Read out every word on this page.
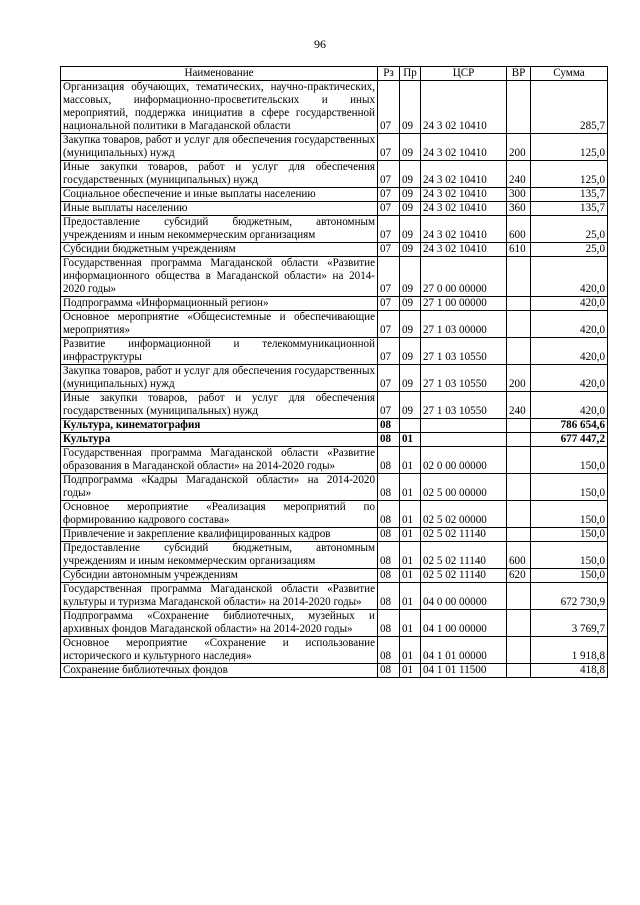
96
Наименование	Рз	Пр	ЦСР	ВР	Сумма
Организация обучающих, тематических, научно-практических, массовых, информационно-просветительских и иных мероприятий, поддержка инициатив в сфере государственной национальной политики в Магаданской области	07	09	24 3 02 10410		285,7
Закупка товаров, работ и услуг для обеспечения государственных (муниципальных) нужд	07	09	24 3 02 10410	200	125,0
Иные закупки товаров, работ и услуг для обеспечения государственных (муниципальных) нужд	07	09	24 3 02 10410	240	125,0
Социальное обеспечение и иные выплаты населению	07	09	24 3 02 10410	300	135,7
Иные выплаты населению	07	09	24 3 02 10410	360	135,7
Предоставление субсидий бюджетным, автономным учреждениям и иным некоммерческим организациям	07	09	24 3 02 10410	600	25,0
Субсидии бюджетным учреждениям	07	09	24 3 02 10410	610	25,0
Государственная программа Магаданской области «Развитие информационного общества в Магаданской области» на 2014-2020 годы»	07	09	27 0 00 00000		420,0
Подпрограмма «Информационный регион»	07	09	27 1 00 00000		420,0
Основное мероприятие «Общесистемные и обеспечивающие мероприятия»	07	09	27 1 03 00000		420,0
Развитие информационной и телекоммуникационной инфраструктуры	07	09	27 1 03 10550		420,0
Закупка товаров, работ и услуг для обеспечения государственных (муниципальных) нужд	07	09	27 1 03 10550	200	420,0
Иные закупки товаров, работ и услуг для обеспечения государственных (муниципальных) нужд	07	09	27 1 03 10550	240	420,0
Культура, кинематография	08				786 654,6
Культура	08	01			677 447,2
Государственная программа Магаданской области «Развитие образования в Магаданской области» на 2014-2020 годы»	08	01	02 0 00 00000		150,0
Подпрограмма «Кадры Магаданской области» на 2014-2020 годы»	08	01	02 5 00 00000		150,0
Основное мероприятие «Реализация мероприятий по формированию кадрового состава»	08	01	02 5 02 00000		150,0
Привлечение и закрепление квалифицированных кадров	08	01	02 5 02 11140		150,0
Предоставление субсидий бюджетным, автономным учреждениям и иным некоммерческим организациям	08	01	02 5 02 11140	600	150,0
Субсидии автономным учреждениям	08	01	02 5 02 11140	620	150,0
Государственная программа Магаданской области «Развитие культуры и туризма Магаданской области» на 2014-2020 годы»	08	01	04 0 00 00000		672 730,9
Подпрограмма «Сохранение библиотечных, музейных и архивных фондов Магаданской области» на 2014-2020 годы»	08	01	04 1 00 00000		3 769,7
Основное мероприятие «Сохранение и использование исторического и культурного наследия»	08	01	04 1 01 00000		1 918,8
Сохранение библиотечных фондов	08	01	04 1 01 11500		418,8
